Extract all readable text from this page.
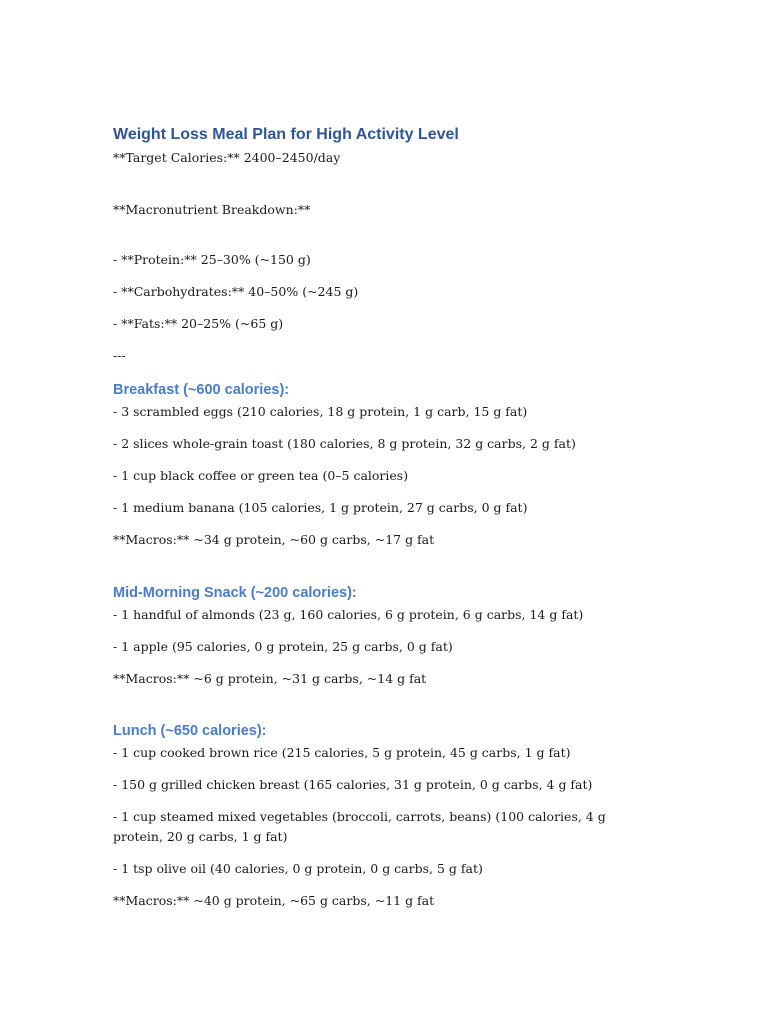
Weight Loss Meal Plan for High Activity Level
**Target Calories:** 2400–2450/day
**Macronutrient Breakdown:**
- **Protein:** 25–30% (~150 g)
- **Carbohydrates:** 40–50% (~245 g)
- **Fats:** 20–25% (~65 g)
---
Breakfast (~600 calories):
- 3 scrambled eggs (210 calories, 18 g protein, 1 g carb, 15 g fat)
- 2 slices whole-grain toast (180 calories, 8 g protein, 32 g carbs, 2 g fat)
- 1 cup black coffee or green tea (0–5 calories)
- 1 medium banana (105 calories, 1 g protein, 27 g carbs, 0 g fat)
**Macros:** ~34 g protein, ~60 g carbs, ~17 g fat
Mid-Morning Snack (~200 calories):
- 1 handful of almonds (23 g, 160 calories, 6 g protein, 6 g carbs, 14 g fat)
- 1 apple (95 calories, 0 g protein, 25 g carbs, 0 g fat)
**Macros:** ~6 g protein, ~31 g carbs, ~14 g fat
Lunch (~650 calories):
- 1 cup cooked brown rice (215 calories, 5 g protein, 45 g carbs, 1 g fat)
- 150 g grilled chicken breast (165 calories, 31 g protein, 0 g carbs, 4 g fat)
- 1 cup steamed mixed vegetables (broccoli, carrots, beans) (100 calories, 4 g protein, 20 g carbs, 1 g fat)
- 1 tsp olive oil (40 calories, 0 g protein, 0 g carbs, 5 g fat)
**Macros:** ~40 g protein, ~65 g carbs, ~11 g fat
